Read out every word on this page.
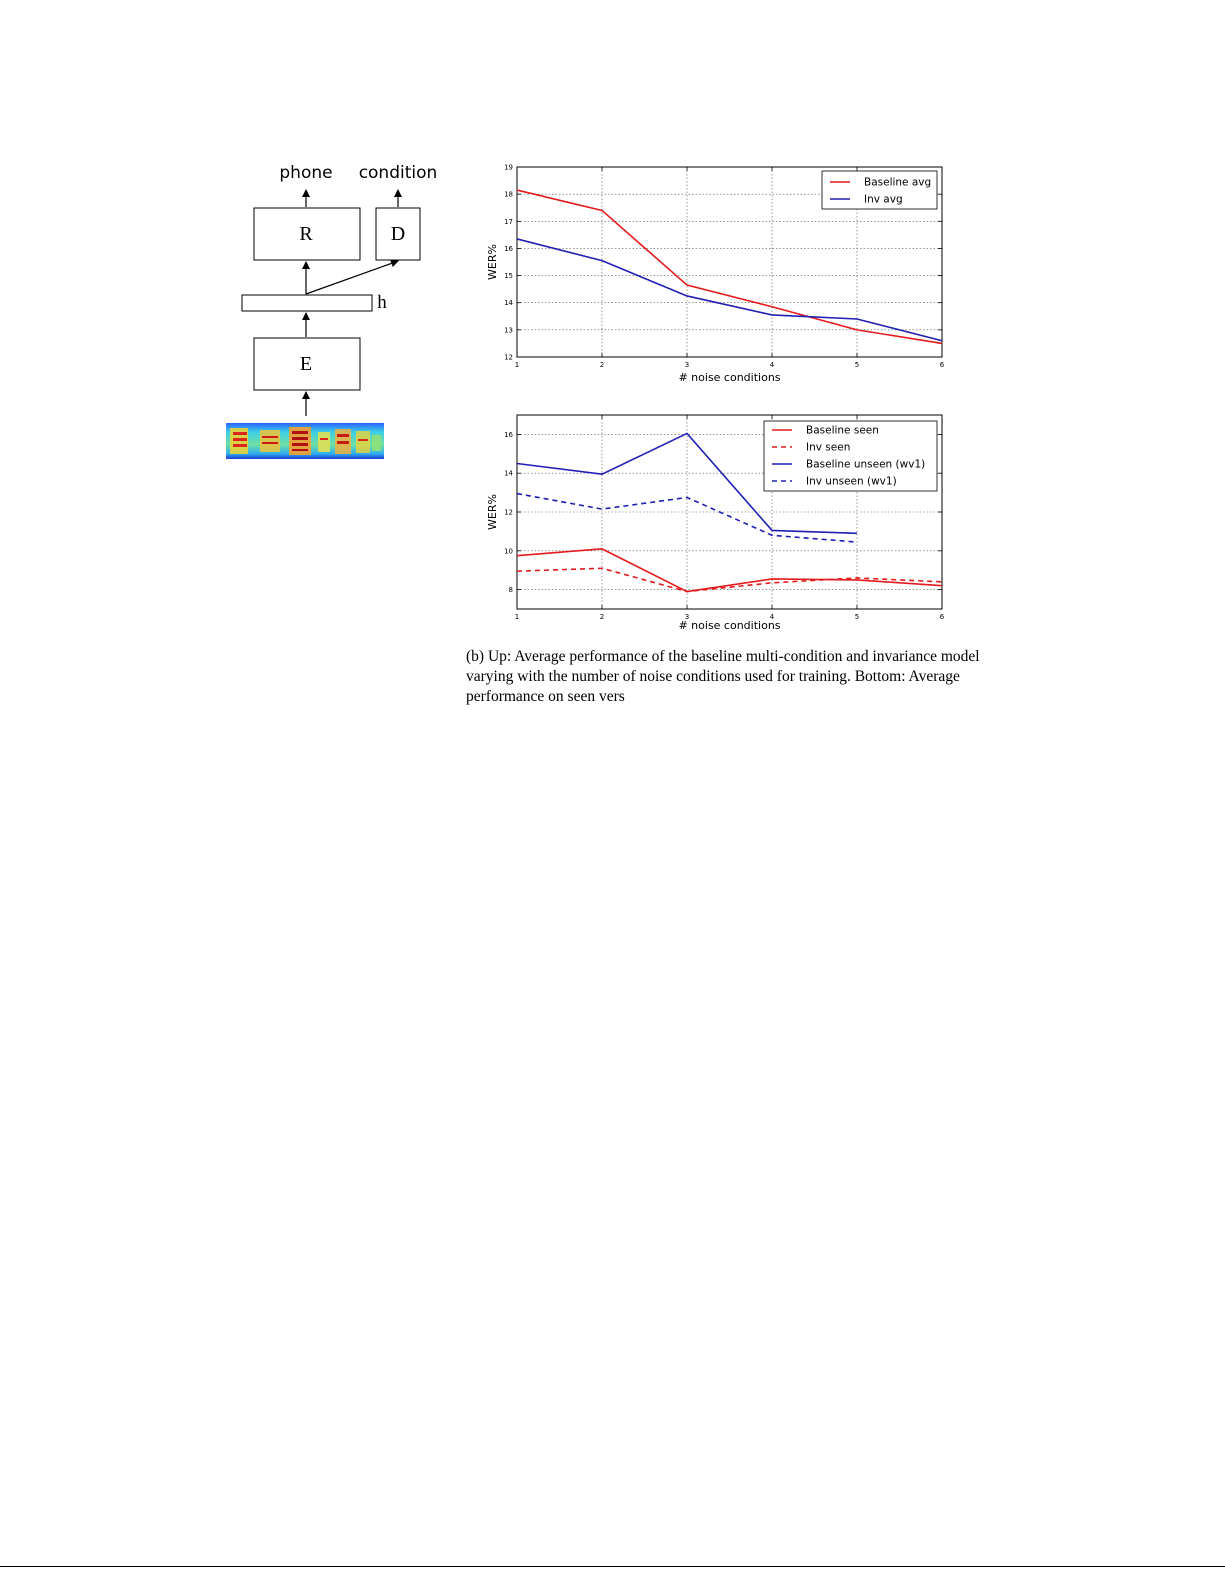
phone condition
R	D
h
E	1	2	3	4	5	6
12
13
14
15
16
17
18
19
# noise conditions
WER%
Baseline avg
Inv avg
1	2	3	4	5	6
8
10
12
14
16
# noise conditions
WER%
Baseline seen
Inv seen
Baseline unseen (wv1)
Inv unseen (wv1)
(b) Up: Average performance of the baseline multi-condition and invariance model varying with the number of noise conditions used for training. Bottom: Average performance on seen vers
